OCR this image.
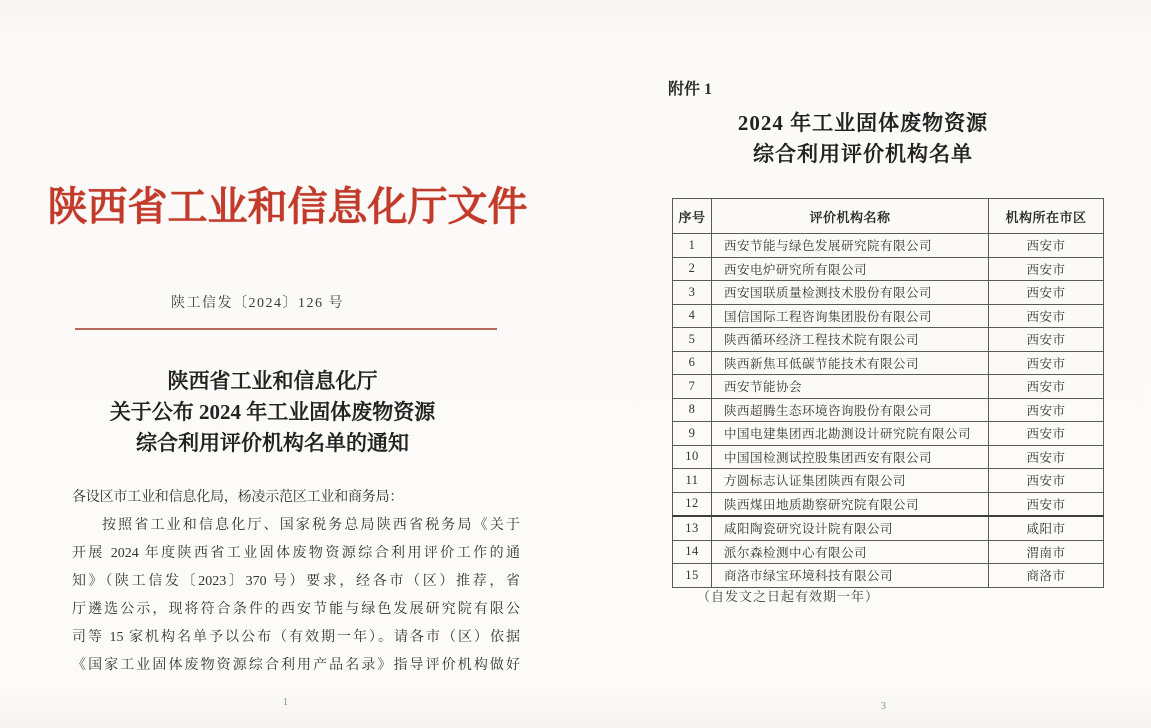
陕西省工业和信息化厅文件
陕工信发〔2024〕126 号
陕西省工业和信息化厅
关于公布 2024 年工业固体废物资源
综合利用评价机构名单的通知
各设区市工业和信息化局，杨凌示范区工业和商务局：
按照省工业和信息化厅、国家税务总局陕西省税务局《关于
开展 2024 年度陕西省工业固体废物资源综合利用评价工作的通
知》（陕工信发〔2023〕370 号）要求，经各市（区）推荐，省
厅遴选公示，现将符合条件的西安节能与绿色发展研究院有限公
司等 15 家机构名单予以公布（有效期一年）。请各市（区）依据
《国家工业固体废物资源综合利用产品名录》指导评价机构做好
1
附件 1
2024 年工业固体废物资源
综合利用评价机构名单
序号	评价机构名称	机构所在市区
1	西安节能与绿色发展研究院有限公司	西安市
2	西安电炉研究所有限公司	西安市
3	西安国联质量检测技术股份有限公司	西安市
4	国信国际工程咨询集团股份有限公司	西安市
5	陕西循环经济工程技术院有限公司	西安市
6	陕西新焦耳低碳节能技术有限公司	西安市
7	西安节能协会	西安市
8	陕西超腾生态环境咨询股份有限公司	西安市
9	中国电建集团西北勘测设计研究院有限公司	西安市
10	中国国检测试控股集团西安有限公司	西安市
11	方圆标志认证集团陕西有限公司	西安市
12	陕西煤田地质勘察研究院有限公司	西安市
13	咸阳陶瓷研究设计院有限公司	咸阳市
14	派尔森检测中心有限公司	渭南市
15	商洛市绿宝环境科技有限公司	商洛市
（自发文之日起有效期一年）
3
